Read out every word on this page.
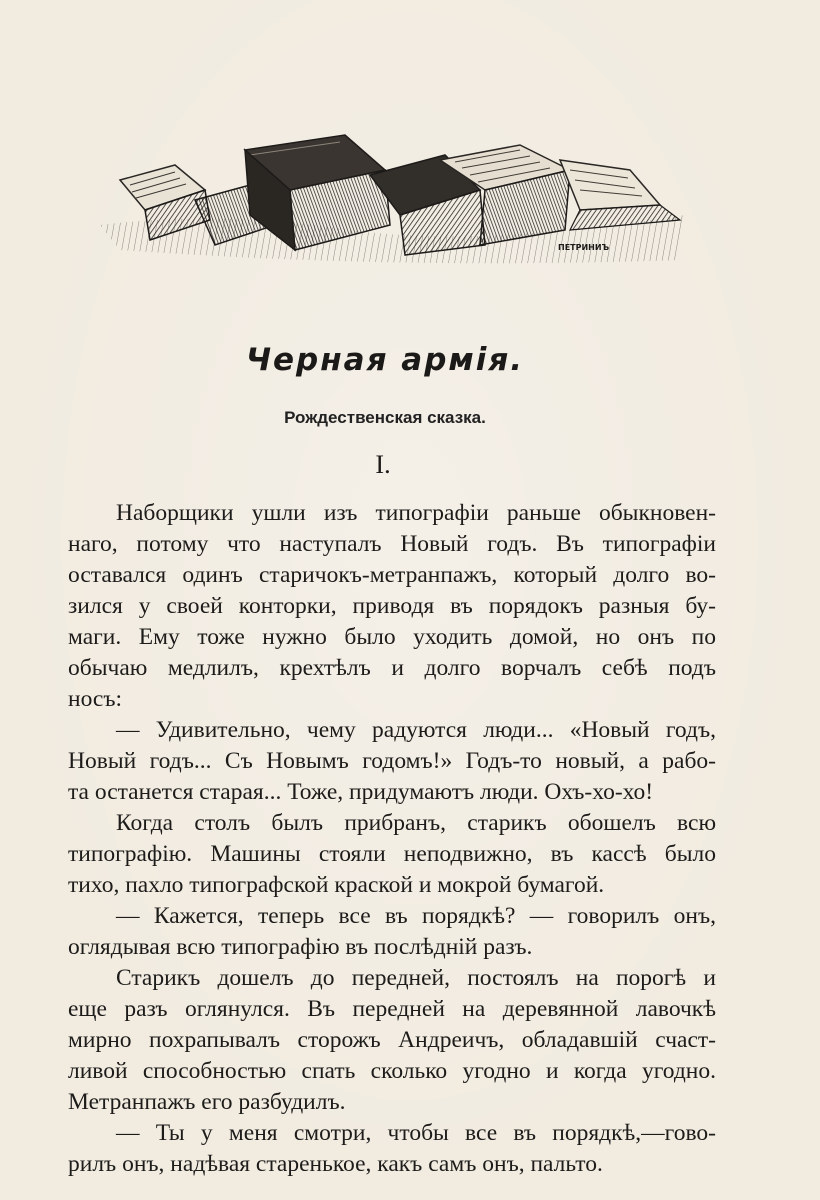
ПЕТРИНИЪ
Черная армія.
Рождественская сказка.
I.
Наборщики ушли изъ типографіи раньше обыкновен-
наго, потому что наступалъ Новый годъ. Въ типографіи
оставался одинъ старичокъ-метранпажъ, который долго во-
зился у своей конторки, приводя въ порядокъ разныя бу-
маги. Ему тоже нужно было уходить домой, но онъ по
обычаю медлилъ, крехтѣлъ и долго ворчалъ себѣ подъ
носъ:
— Удивительно, чему радуются люди... «Новый годъ,
Новый годъ... Съ Новымъ годомъ!» Годъ-то новый, а рабо-
та останется старая... Тоже, придумаютъ люди. Охъ-хо-хо!
Когда столъ былъ прибранъ, старикъ обошелъ всю
типографію. Машины стояли неподвижно, въ кассѣ было
тихо, пахло типографской краской и мокрой бумагой.
— Кажется, теперь все въ порядкѣ? — говорилъ онъ,
оглядывая всю типографію въ послѣдній разъ.
Старикъ дошелъ до передней, постоялъ на порогѣ и
еще разъ оглянулся. Въ передней на деревянной лавочкѣ
мирно похрапывалъ сторожъ Андреичъ, обладавшій счаст-
ливой способностью спать сколько угодно и когда угодно.
Метранпажъ его разбудилъ.
— Ты у меня смотри, чтобы все въ порядкѣ,—гово-
рилъ онъ, надѣвая старенькое, какъ самъ онъ, пальто.
